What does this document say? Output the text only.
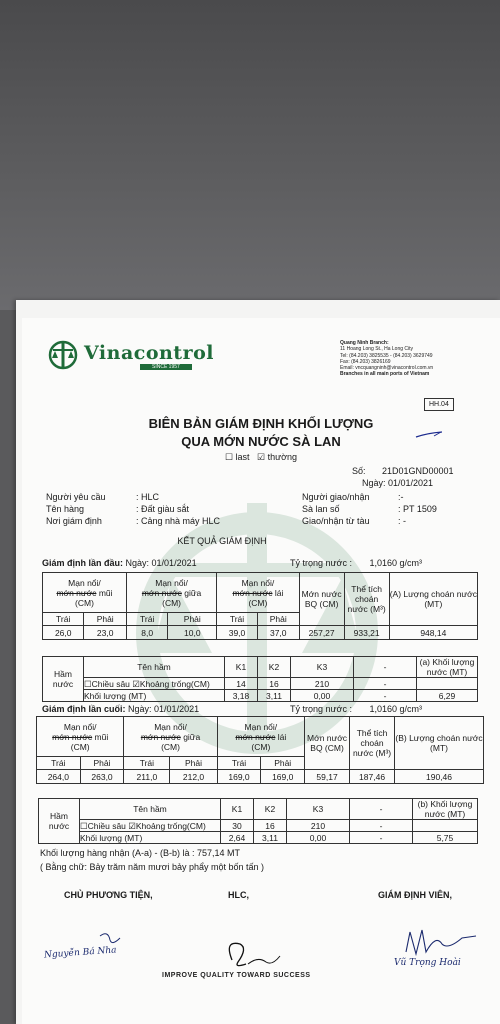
Vinacontrol
SINCE 1957
Quang Ninh Branch:
11 Hoang Long St., Ha Long City
Tel: (84.203) 3825535 - (84.203) 3629749
Fax: (84.203) 3826169
Email: vncquangninh@vinacontrol.com.vn
Branches in all main ports of Vietnam
HH.04
BIÊN BẢN GIÁM ĐỊNH KHỐI LƯỢNG
QUA MỚN NƯỚC SÀ LAN
☐ last ☑ thường
Số: 21D01GND00001
Ngày: 01/01/2021
Người yêu cầu	: HLC
Tên hàng	: Đất giàu sắt
Nơi giám định	: Cảng nhà máy HLC
Người giao/nhận	:-
Sà lan số	: PT 1509
Giao/nhận từ tàu	: -
KẾT QUẢ GIÁM ĐỊNH
Giám định lần đầu: Ngày: 01/01/2021	Tỷ trọng nước : 1,0160 g/cm³
Mạn nổi/
mớn nước mũi
(CM)		Mạn nổi/
mớn nước giữa
(CM)		Mạn nổi/
mớn nước lái
(CM)		Mớn nước BQ (CM)	Thể tích choán nước (M³)	(A) Lượng choán nước (MT)
Trái	Phải	Trái	Phải	Trái	Phải			
26,0	23,0	8,0	10,0	39,0	37,0	257,27	933,21	948,14
Hầm nước	Tên hầm	K1	K2	K3	-	(a) Khối lượng nước (MT)
	☐Chiều sâu ☑Khoảng trống(CM)	14	16	210	-	
	Khối lượng (MT)	3,18	3,11	0,00	-	6,29
Giám định lần cuối: Ngày: 01/01/2021	Tỷ trọng nước : 1,0160 g/cm³
Mạn nổi/
mớn nước mũi
(CM)		Mạn nổi/
mớn nước giữa
(CM)		Mạn nổi/
mớn nước lái
(CM)		Mớn nước BQ (CM)	Thể tích choán nước (M³)	(B) Lượng choán nước (MT)
Trái	Phải	Trái	Phải	Trái	Phải			
264,0	263,0	211,0	212,0	169,0	169,0	59,17	187,46	190,46
Hầm nước	Tên hầm	K1	K2	K3	-	(b) Khối lượng nước (MT)
	☐Chiều sâu ☑Khoảng trống(CM)	30	16	210	-	
	Khối lượng (MT)	2,64	3,11	0,00	-	5,75
Khối lượng hàng nhận (A-a) - (B-b) là : 757,14 MT
( Bằng chữ: Bảy trăm năm mươi bảy phẩy một bốn tấn )
CHỦ PHƯƠNG TIỆN,	HLC,	GIÁM ĐỊNH VIÊN,
Nguyễn Bá Nha
Vũ Trọng Hoài
IMPROVE QUALITY TOWARD SUCCESS
